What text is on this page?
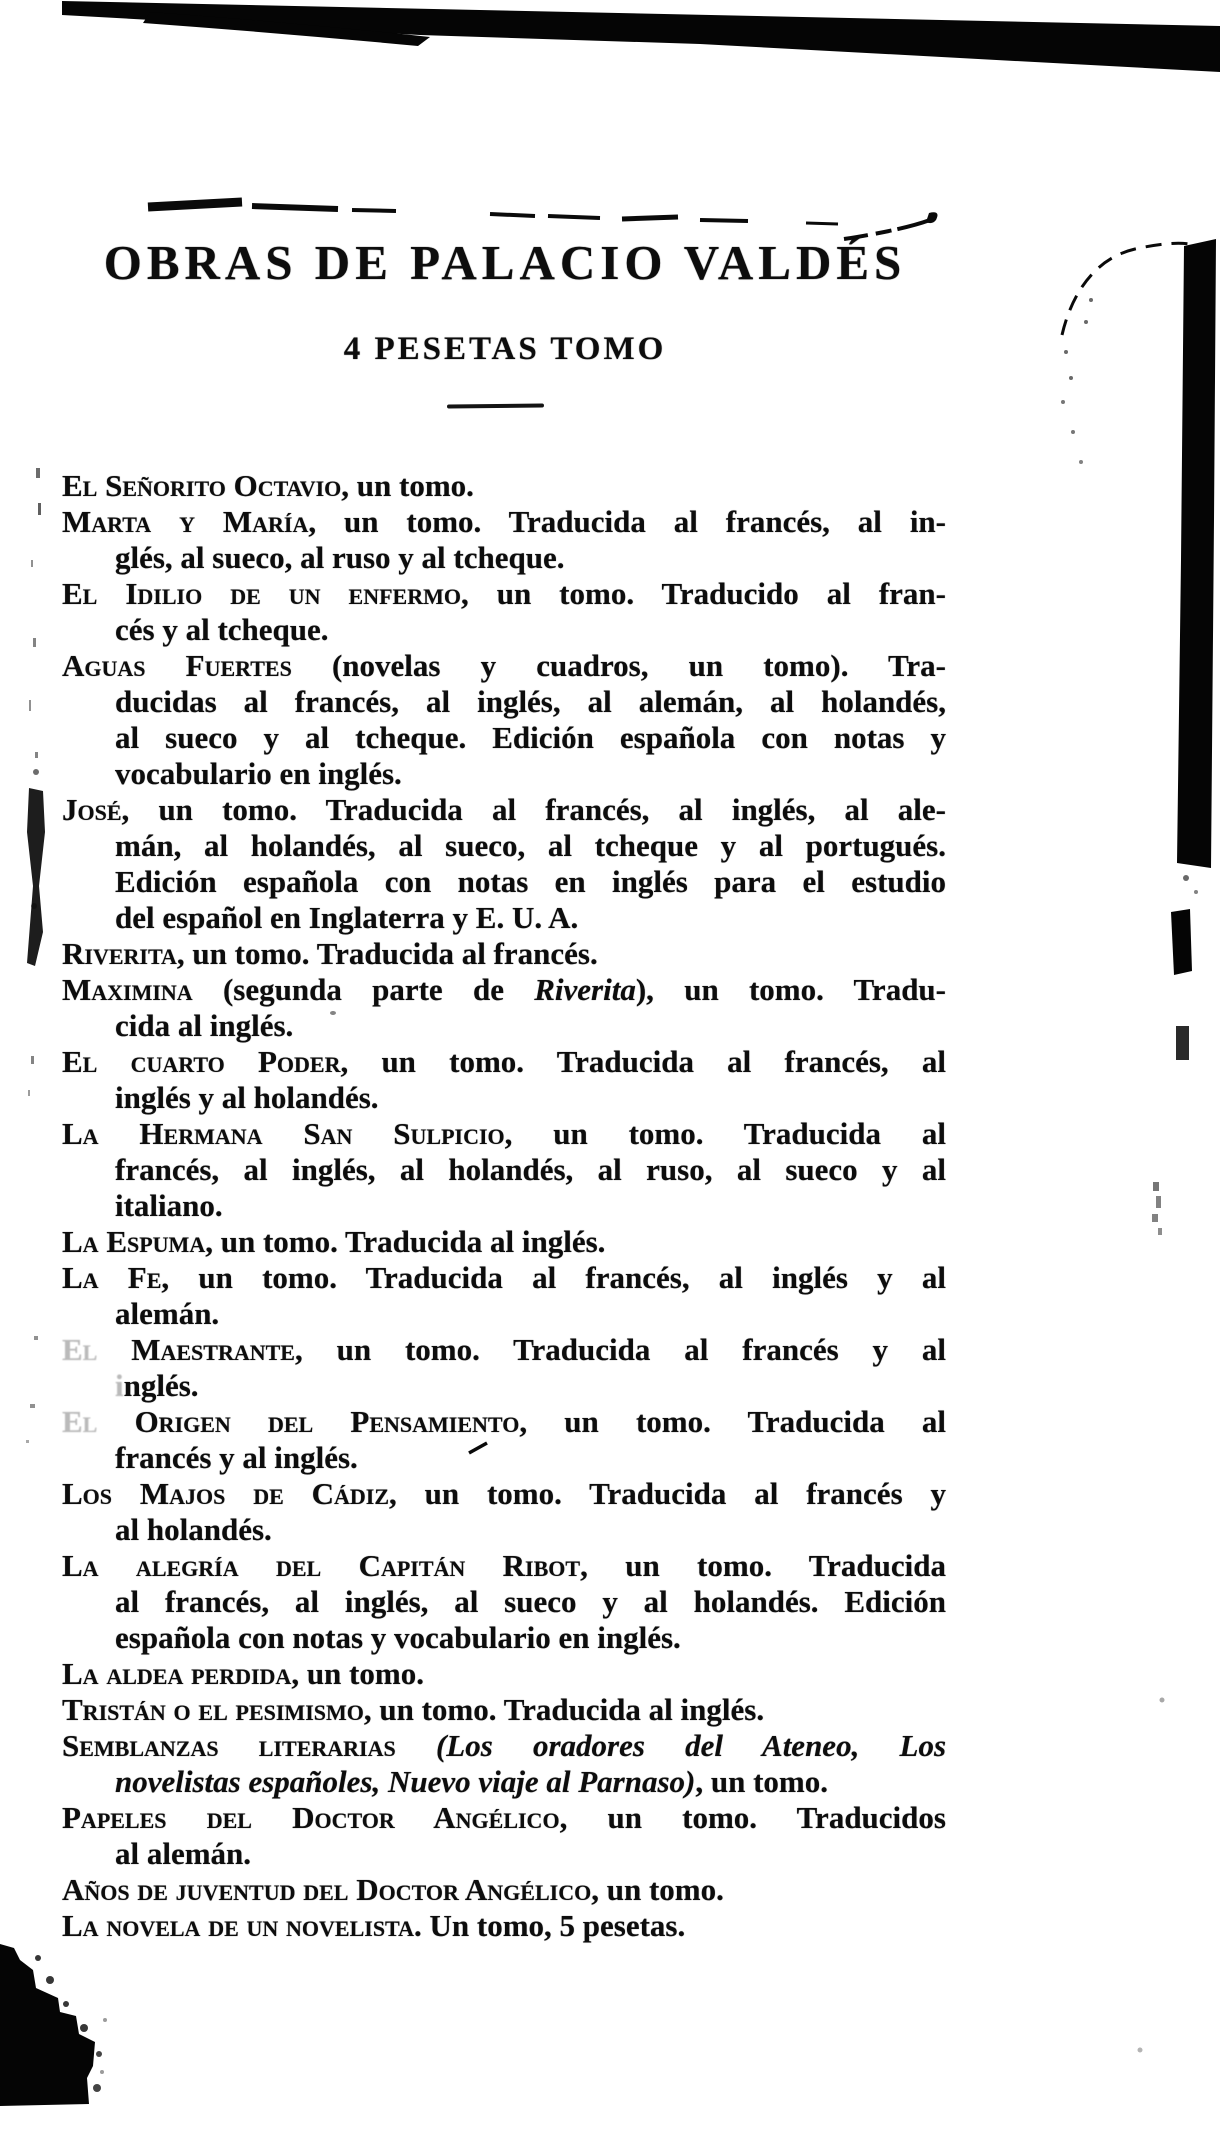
OBRAS DE PALACIO VALDÉS
4 PESETAS TOMO
El Señorito Octavio, un tomo.
Marta y María, un tomo. Traducida al francés, al in-
glés, al sueco, al ruso y al tcheque.
El Idilio de un enfermo, un tomo. Traducido al fran-
cés y al tcheque.
Aguas Fuertes (novelas y cuadros, un tomo). Tra-
ducidas al francés, al inglés, al alemán, al holandés,
al sueco y al tcheque. Edición española con notas y
vocabulario en inglés.
José, un tomo. Traducida al francés, al inglés, al ale-
mán, al holandés, al sueco, al tcheque y al portugués.
Edición española con notas en inglés para el estudio
del español en Inglaterra y E. U. A.
Riverita, un tomo. Traducida al francés.
Maximina (segunda parte de Riverita), un tomo. Tradu-
cida al inglés.
El cuarto Poder, un tomo. Traducida al francés, al
inglés y al holandés.
La Hermana San Sulpicio, un tomo. Traducida al
francés, al inglés, al holandés, al ruso, al sueco y al
italiano.
La Espuma, un tomo. Traducida al inglés.
La Fe, un tomo. Traducida al francés, al inglés y al
alemán.
El Maestrante, un tomo. Traducida al francés y al
inglés.
El Origen del Pensamiento, un tomo. Traducida al
francés y al inglés.
Los Majos de Cádiz, un tomo. Traducida al francés y
al holandés.
La alegría del Capitán Ribot, un tomo. Traducida
al francés, al inglés, al sueco y al holandés. Edición
española con notas y vocabulario en inglés.
La aldea perdida, un tomo.
Tristán o el pesimismo, un tomo. Traducida al inglés.
Semblanzas literarias (Los oradores del Ateneo, Los
novelistas españoles, Nuevo viaje al Parnaso), un tomo.
Papeles del Doctor Angélico, un tomo. Traducidos
al alemán.
Años de juventud del Doctor Angélico, un tomo.
La novela de un novelista. Un tomo, 5 pesetas.
